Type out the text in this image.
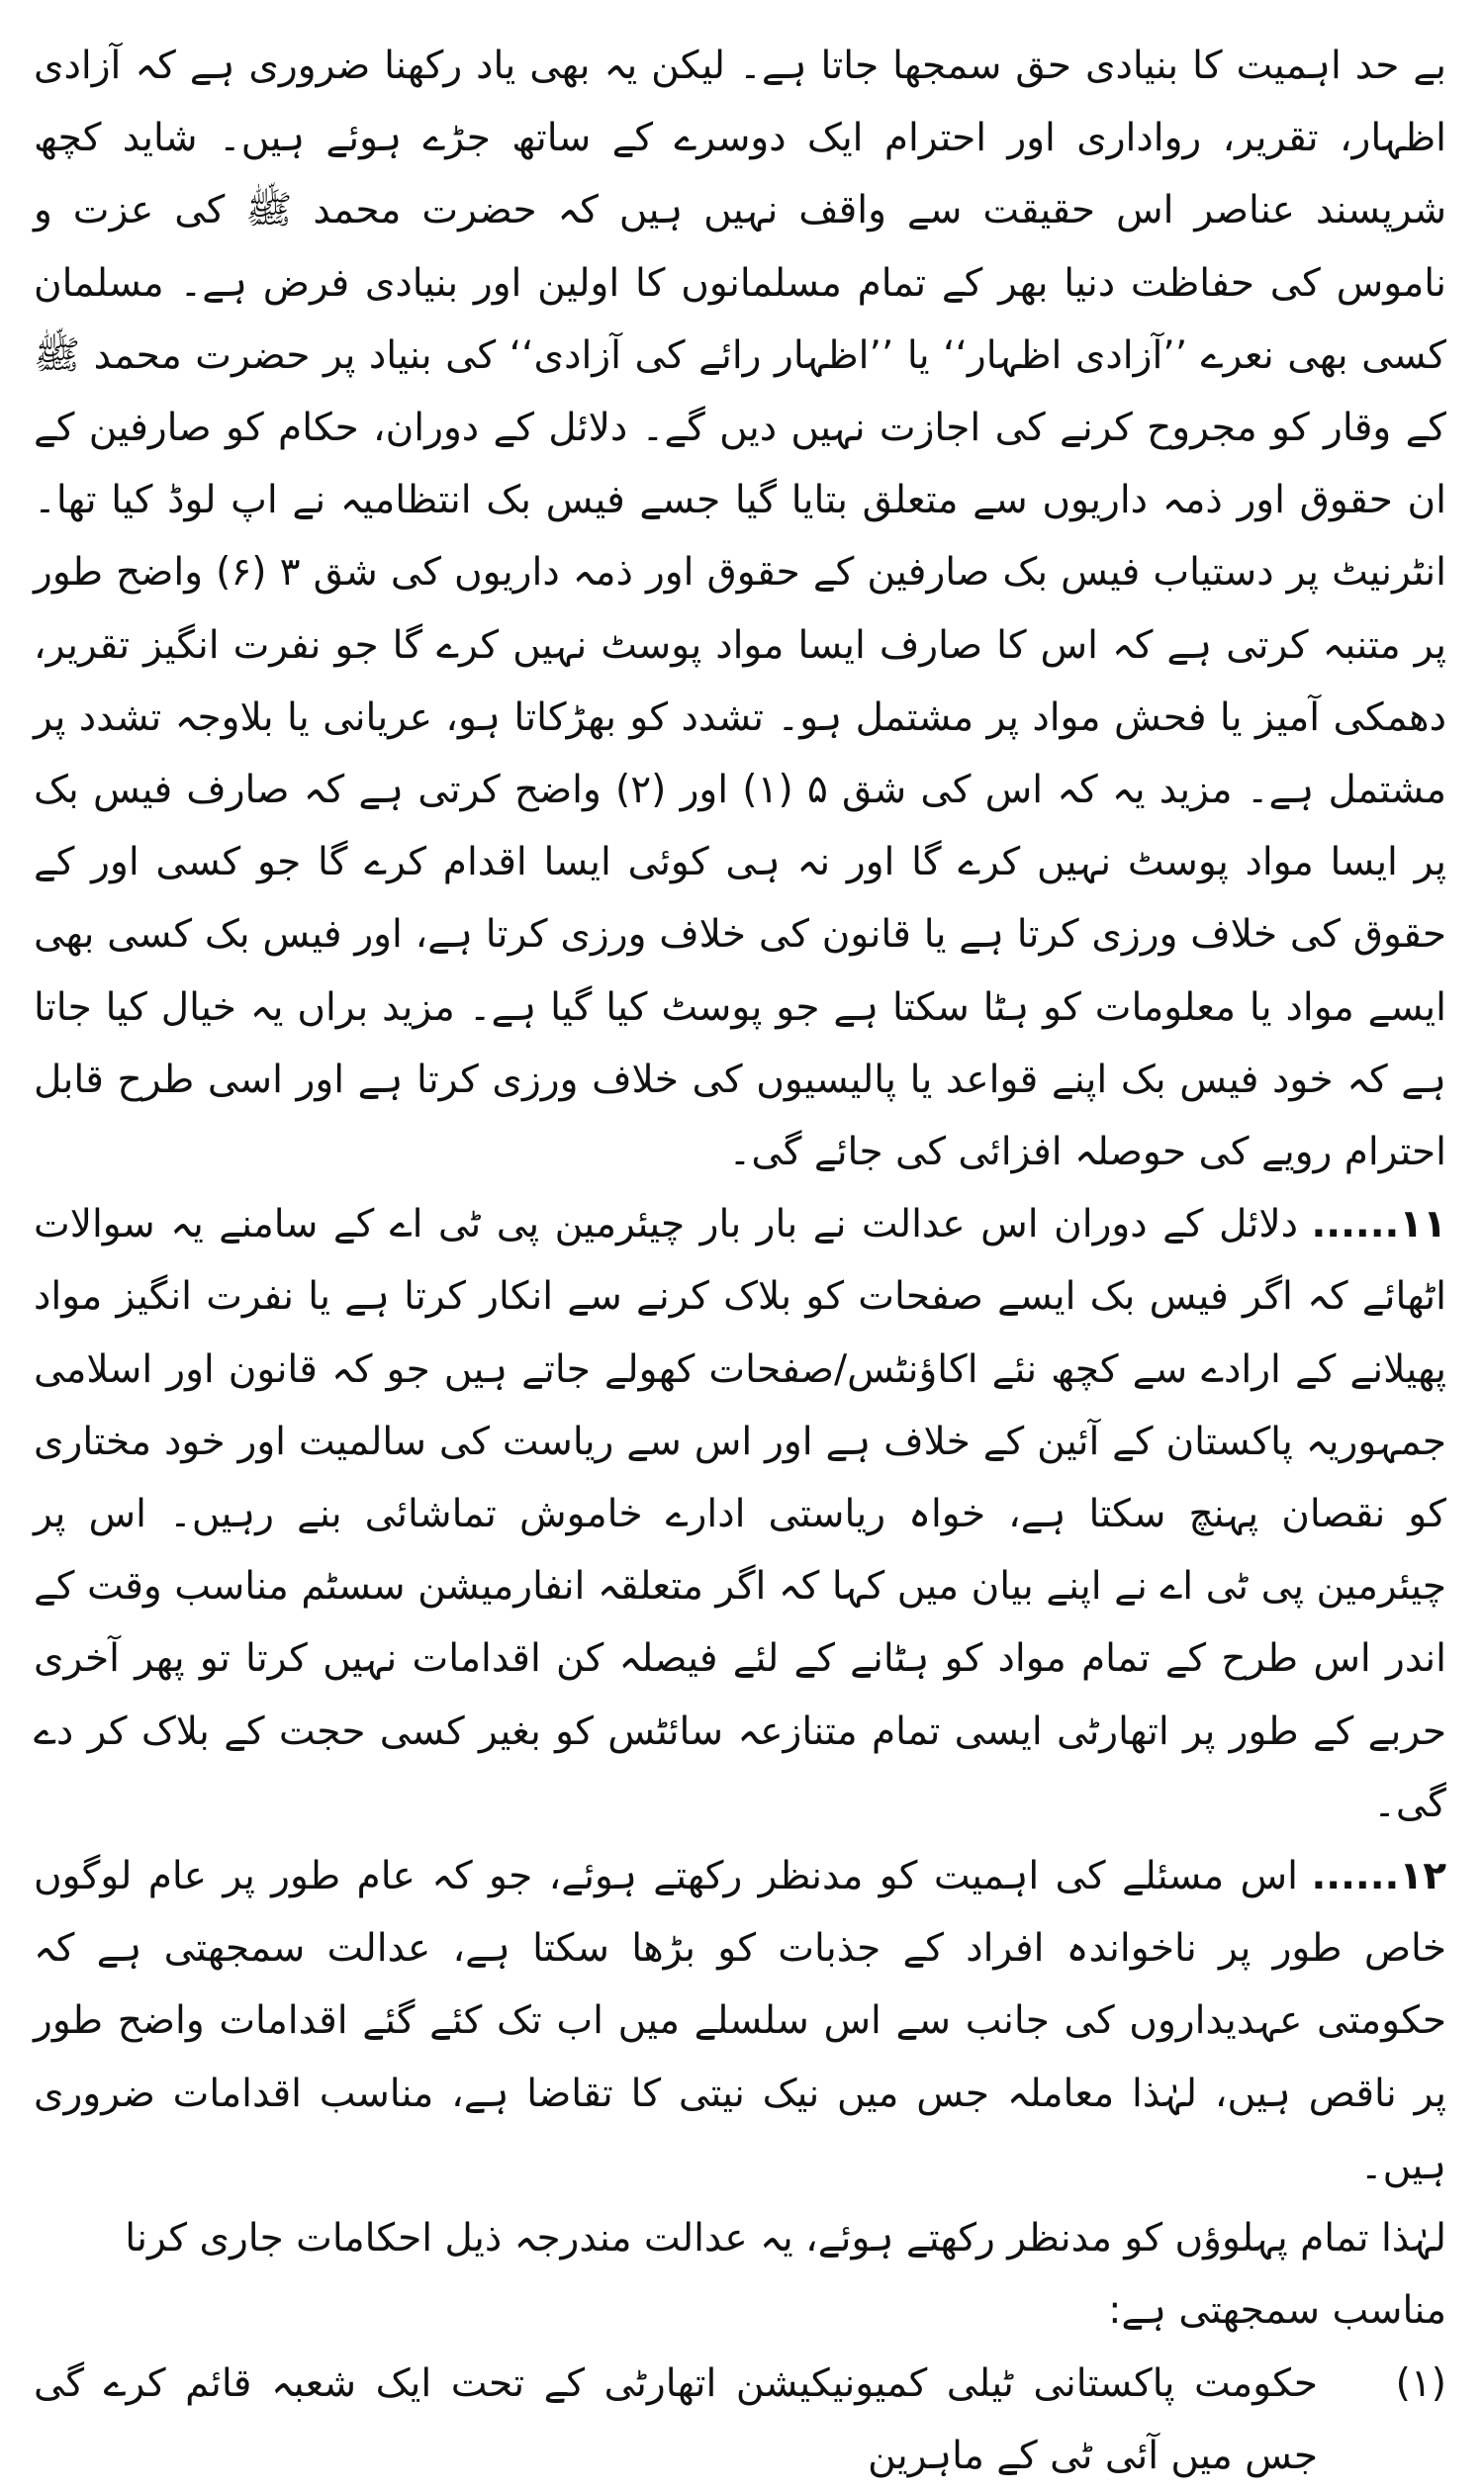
بے حد اہمیت کا بنیادی حق سمجھا جاتا ہے۔ لیکن یہ بھی یاد رکھنا ضروری ہے کہ آزادی اظہار، تقریر، رواداری اور احترام ایک دوسرے کے ساتھ جڑے ہوئے ہیں۔ شاید کچھ شرپسند عناصر اس حقیقت سے واقف نہیں ہیں کہ حضرت محمد ﷺ کی عزت و ناموس کی حفاظت دنیا بھر کے تمام مسلمانوں کا اولین اور بنیادی فرض ہے۔ مسلمان کسی بھی نعرے ’’آزادی اظہار‘‘ یا ’’اظہار رائے کی آزادی‘‘ کی بنیاد پر حضرت محمد ﷺ کے وقار کو مجروح کرنے کی اجازت نہیں دیں گے۔ دلائل کے دوران، حکام کو صارفین کے ان حقوق اور ذمہ داریوں سے متعلق بتایا گیا جسے فیس بک انتظامیہ نے اپ لوڈ کیا تھا۔ انٹرنیٹ پر دستیاب فیس بک صارفین کے حقوق اور ذمہ داریوں کی شق ۳ (۶) واضح طور پر متنبہ کرتی ہے کہ اس کا صارف ایسا مواد پوسٹ نہیں کرے گا جو نفرت انگیز تقریر، دھمکی آمیز یا فحش مواد پر مشتمل ہو۔ تشدد کو بھڑکاتا ہو، عریانی یا بلاوجہ تشدد پر مشتمل ہے۔ مزید یہ کہ اس کی شق ۵ (۱) اور (۲) واضح کرتی ہے کہ صارف فیس بک پر ایسا مواد پوسٹ نہیں کرے گا اور نہ ہی کوئی ایسا اقدام کرے گا جو کسی اور کے حقوق کی خلاف ورزی کرتا ہے یا قانون کی خلاف ورزی کرتا ہے، اور فیس بک کسی بھی ایسے مواد یا معلومات کو ہٹا سکتا ہے جو پوسٹ کیا گیا ہے۔ مزید براں یہ خیال کیا جاتا ہے کہ خود فیس بک اپنے قواعد یا پالیسیوں کی خلاف ورزی کرتا ہے اور اسی طرح قابل احترام رویے کی حوصلہ افزائی کی جائے گی۔

۱۱......دلائل کے دوران اس عدالت نے بار بار چیئرمین پی ٹی اے کے سامنے یہ سوالات اٹھائے کہ اگر فیس بک ایسے صفحات کو بلاک کرنے سے انکار کرتا ہے یا نفرت انگیز مواد پھیلانے کے ارادے سے کچھ نئے اکاؤنٹس/صفحات کھولے جاتے ہیں جو کہ قانون اور اسلامی جمہوریہ پاکستان کے آئین کے خلاف ہے اور اس سے ریاست کی سالمیت اور خود مختاری کو نقصان پہنچ سکتا ہے، خواہ ریاستی ادارے خاموش تماشائی بنے رہیں۔ اس پر چیئرمین پی ٹی اے نے اپنے بیان میں کہا کہ اگر متعلقہ انفارمیشن سسٹم مناسب وقت کے اندر اس طرح کے تمام مواد کو ہٹانے کے لئے فیصلہ کن اقدامات نہیں کرتا تو پھر آخری حربے کے طور پر اتھارٹی ایسی تمام متنازعہ سائٹس کو بغیر کسی حجت کے بلاک کر دے گی۔

۱۲......اس مسئلے کی اہمیت کو مدنظر رکھتے ہوئے، جو کہ عام طور پر عام لوگوں خاص طور پر ناخواندہ افراد کے جذبات کو بڑھا سکتا ہے، عدالت سمجھتی ہے کہ حکومتی عہدیداروں کی جانب سے اس سلسلے میں اب تک کئے گئے اقدامات واضح طور پر ناقص ہیں، لہٰذا معاملہ جس میں نیک نیتی کا تقاضا ہے، مناسب اقدامات ضروری ہیں۔

لہٰذا تمام پہلوؤں کو مدنظر رکھتے ہوئے، یہ عدالت مندرجہ ذیل احکامات جاری کرنا مناسب سمجھتی ہے:

(۱)
حکومت پاکستانی ٹیلی کمیونیکیشن اتھارٹی کے تحت ایک شعبہ قائم کرے گی جس میں آئی ٹی کے ماہرین
